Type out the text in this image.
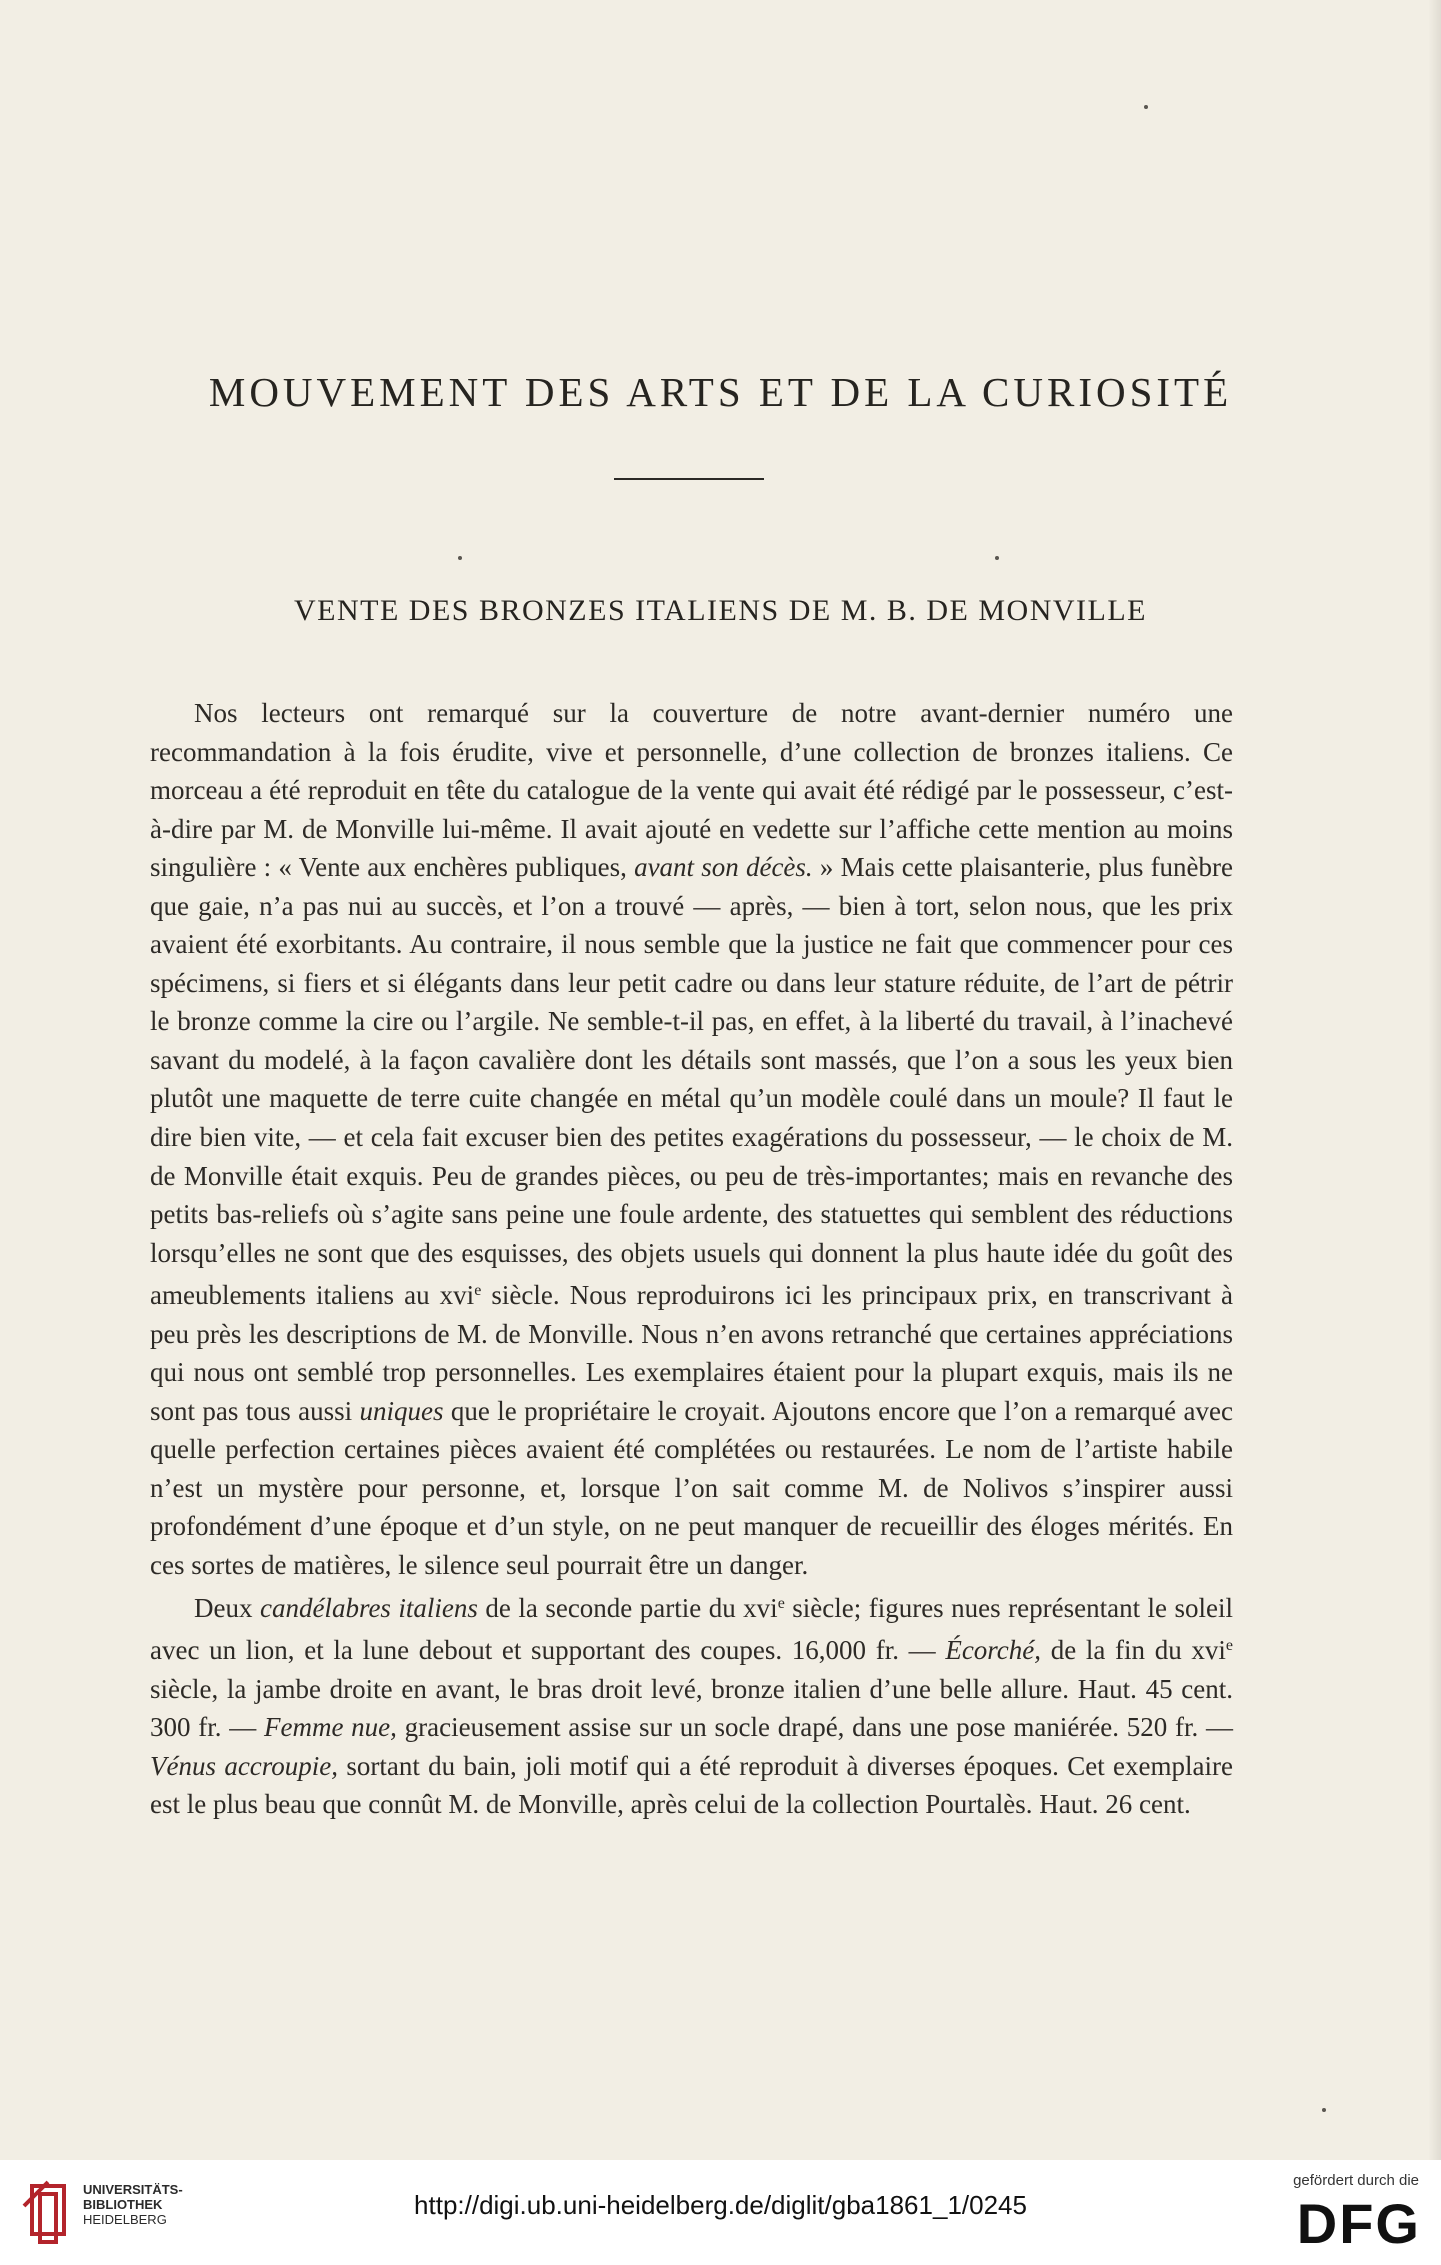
MOUVEMENT DES ARTS ET DE LA CURIOSITÉ
VENTE DES BRONZES ITALIENS DE M. B. DE MONVILLE

Nos lecteurs ont remarqué sur la couverture de notre avant-dernier numéro une recommandation à la fois érudite, vive et personnelle, d’une collection de bronzes italiens. Ce morceau a été reproduit en tête du catalogue de la vente qui avait été rédigé par le possesseur, c’est-à-dire par M. de Monville lui-même. Il avait ajouté en vedette sur l’affiche cette mention au moins singulière : « Vente aux enchères publiques, avant son décès. » Mais cette plaisanterie, plus funèbre que gaie, n’a pas nui au succès, et l’on a trouvé — après, — bien à tort, selon nous, que les prix avaient été exorbitants. Au contraire, il nous semble que la justice ne fait que commencer pour ces spécimens, si fiers et si élégants dans leur petit cadre ou dans leur stature réduite, de l’art de pétrir le bronze comme la cire ou l’argile. Ne semble-t-il pas, en effet, à la liberté du travail, à l’inachevé savant du modelé, à la façon cavalière dont les détails sont massés, que l’on a sous les yeux bien plutôt une maquette de terre cuite changée en métal qu’un modèle coulé dans un moule? Il faut le dire bien vite, — et cela fait excuser bien des petites exagérations du possesseur, — le choix de M. de Monville était exquis. Peu de grandes pièces, ou peu de très-importantes; mais en revanche des petits bas-reliefs où s’agite sans peine une foule ardente, des statuettes qui semblent des réductions lorsqu’elles ne sont que des esquisses, des objets usuels qui donnent la plus haute idée du goût des ameublements italiens au xvi$^e$ siècle. Nous reproduirons ici les principaux prix, en transcrivant à peu près les descriptions de M. de Monville. Nous n’en avons retranché que certaines appréciations qui nous ont semblé trop personnelles. Les exemplaires étaient pour la plupart exquis, mais ils ne sont pas tous aussi uniques que le propriétaire le croyait. Ajoutons encore que l’on a remarqué avec quelle perfection certaines pièces avaient été complétées ou restaurées. Le nom de l’artiste habile n’est un mystère pour personne, et, lorsque l’on sait comme M. de Nolivos s’inspirer aussi profondément d’une époque et d’un style, on ne peut manquer de recueillir des éloges mérités. En ces sortes de matières, le silence seul pourrait être un danger.

Deux candélabres italiens de la seconde partie du xvi$^e$ siècle; figures nues représentant le soleil avec un lion, et la lune debout et supportant des coupes. 16,000 fr. — Écorché, de la fin du xvi$^e$ siècle, la jambe droite en avant, le bras droit levé, bronze italien d’une belle allure. Haut. 45 cent. 300 fr. — Femme nue, gracieusement assise sur un socle drapé, dans une pose maniérée. 520 fr. — Vénus accroupie, sortant du bain, joli motif qui a été reproduit à diverses époques. Cet exemplaire est le plus beau que connût M. de Monville, après celui de la collection Pourtalès. Haut. 26 cent.

UNIVERSITÄTS-
BIBLIOTHEK
HEIDELBERG	http://digi.ub.uni-heidelberg.de/diglit/gba1861_1/0245
gefördert durch die
DFG
